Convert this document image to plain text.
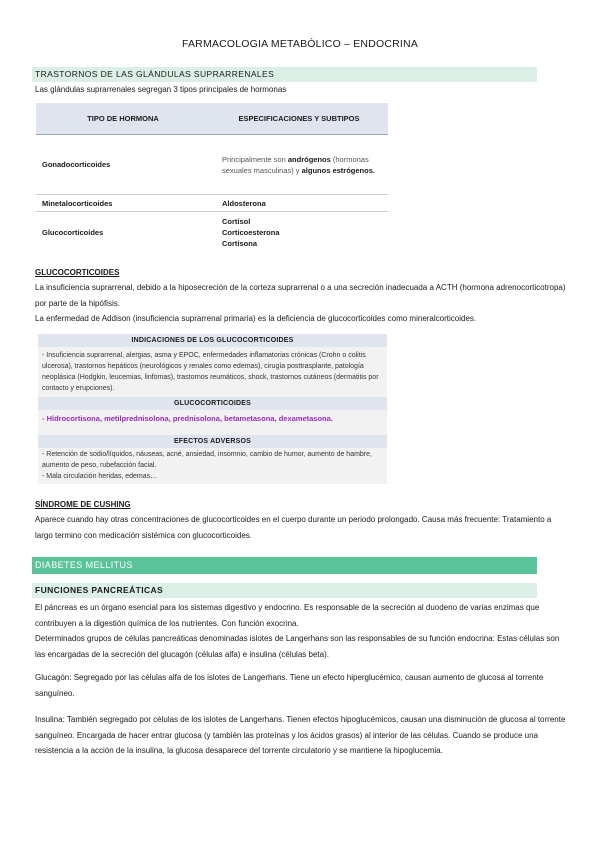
FARMACOLOGIA METABÓLICO – ENDOCRINA
TRASTORNOS DE LAS GLÁNDULAS SUPRARRENALES
Las glándulas suprarrenales segregan 3 tipos principales de hormonas
TIPO DE HORMONA	ESPECIFICACIONES Y SUBTIPOS
Gonadocorticoides	Principalmente son andrógenos (hormonas sexuales masculinas) y algunos estrógenos.
Minetalocorticoides	Aldosterona
Glucocorticoides	Cortisol
Corticoesterona
Cortisona
GLUCOCORTICOIDES
La insuficiencia suprarrenal, debido a la hiposecreción de la corteza suprarrenal o a una secreción inadecuada a ACTH (hormona adrenocorticotropa) por parte de la hipófisis.
La enfermedad de Addison (insuficiencia suprarrenal primaria) es la deficiencia de glucocorticoides como mineralcorticoides.
INDICACIONES DE LOS GLUCOCORTICOIDES
- Insuficiencia suprarrenal, alergias, asma y EPOC, enfermedades inflamatorias crónicas (Crohn o colitis ulcerosa), trastornos hepáticos (neurológicos y renales como edemas), cirugía posttrasplante, patología neoplásica (Hodgkin, leucemias, linfomas), trastornos reumáticos, shock, trastornos cutáneos (dermatitis por contacto y erupciones).
GLUCOCORTICOIDES
- Hidrocortisona, metilprednisolona, prednisolona, betametasona, dexametasona.
EFECTOS ADVERSOS
- Retención de sodio/líquidos, náuseas, acné, ansiedad, insomnio, cambio de humor, aumento de hambre, aumento de peso, rubefacción facial.
- Mala circulación heridas, edemas…
SÍNDROME DE CUSHING
Aparece cuando hay otras concentraciones de glucocorticoides en el cuerpo durante un periodo prolongado. Causa más frecuente: Tratamiento a largo termino con medicación sistémica con glucocorticoides.
DIABETES MELLITUS
FUNCIONES PANCREÁTICAS
El páncreas es un órgano esencial para los sistemas digestivo y endocrino. Es responsable de la secreción al duodeno de varias enzimas que contribuyen a la digestión química de los nutrientes. Con función exocrina.
Determinados grupos de células pancreáticas denominadas islotes de Langerhans son las responsables de su función endocrina: Estas células son las encargadas de la secreción del glucagón (células alfa) e insulina (células beta).
Glucagón: Segregado por las células alfa de los islotes de Langerhans. Tiene un efecto hiperglucémico, causan aumento de glucosa al torrente sanguíneo.
Insulina: También segregado por células de los islotes de Langerhans. Tienen efectos hipoglucémicos, causan una disminución de glucosa al torrente sanguíneo. Encargada de hacer entrar glucosa (y también las proteínas y los ácidos grasos) al interior de las células. Cuando se produce una resistencia a la acción de la insulina, la glucosa desaparece del torrente circulatorio y se mantiene la hipoglucemia.
